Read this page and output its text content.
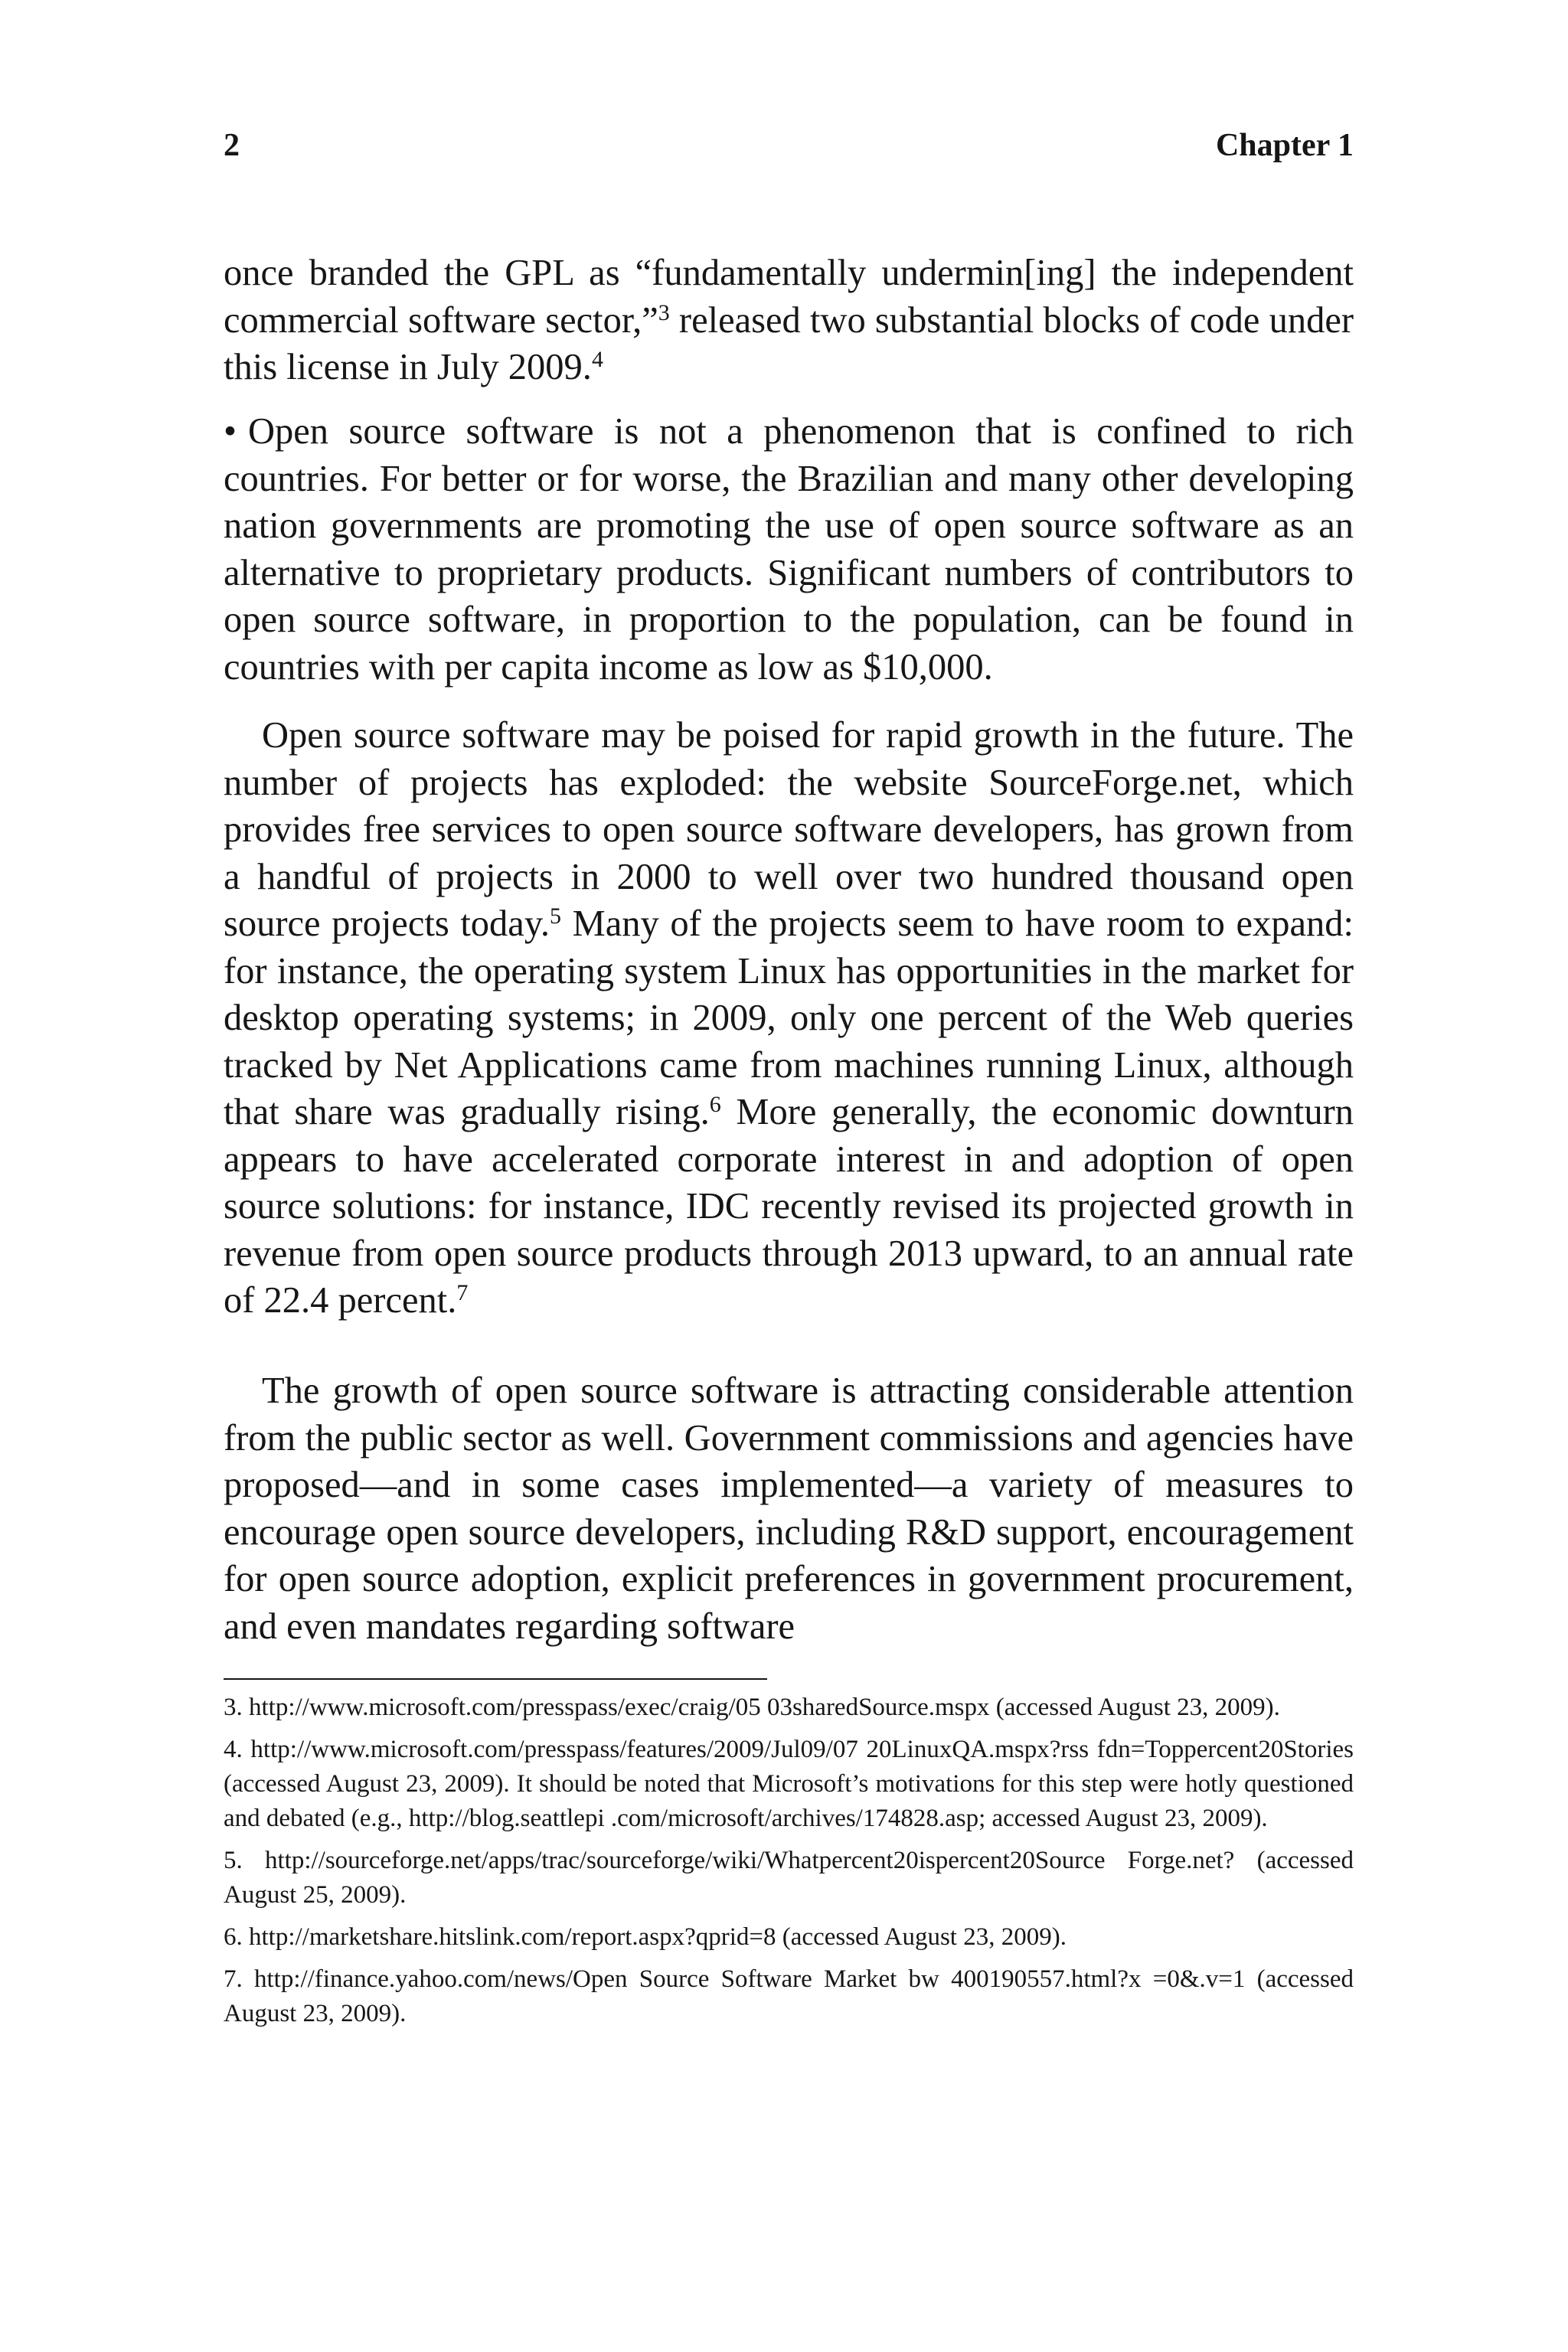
2	Chapter 1

once branded the GPL as “fundamentally undermin[ing] the independent commercial software sector,”$^3$ released two substantial blocks of code under this license in July 2009.$^4$

• Open source software is not a phenomenon that is confined to rich countries. For better or for worse, the Brazilian and many other developing nation governments are promoting the use of open source software as an alternative to proprietary products. Significant numbers of contributors to open source software, in proportion to the population, can be found in countries with per capita income as low as $10,000.

Open source software may be poised for rapid growth in the future. The number of projects has exploded: the website SourceForge.net, which provides free services to open source software developers, has grown from a handful of projects in 2000 to well over two hundred thousand open source projects today.$^5$ Many of the projects seem to have room to expand: for instance, the operating system Linux has opportunities in the market for desktop operating systems; in 2009, only one percent of the Web queries tracked by Net Applications came from machines running Linux, although that share was gradually rising.$^6$ More generally, the economic downturn appears to have accelerated corporate interest in and adoption of open source solutions: for instance, IDC recently revised its projected growth in revenue from open source products through 2013 upward, to an annual rate of 22.4 percent.$^7$

The growth of open source software is attracting considerable attention from the public sector as well. Government commissions and agencies have proposed—and in some cases implemented—a variety of measures to encourage open source developers, including R&D support, encouragement for open source adoption, explicit preferences in government procurement, and even mandates regarding software

3. http://www.microsoft.com/presspass/exec/craig/05 03sharedSource.mspx (accessed August 23, 2009).

4. http://www.microsoft.com/presspass/features/2009/Jul09/07 20LinuxQA.mspx?rss fdn=Toppercent20Stories (accessed August 23, 2009). It should be noted that Microsoft’s motivations for this step were hotly questioned and debated (e.g., http://blog.seattlepi .com/microsoft/archives/174828.asp; accessed August 23, 2009).

5. http://sourceforge.net/apps/trac/sourceforge/wiki/Whatpercent20ispercent20Source Forge.net? (accessed August 25, 2009).

6. http://marketshare.hitslink.com/report.aspx?qprid=8 (accessed August 23, 2009).

7. http://finance.yahoo.com/news/Open Source Software Market bw 400190557.html?x =0&.v=1 (accessed August 23, 2009).
